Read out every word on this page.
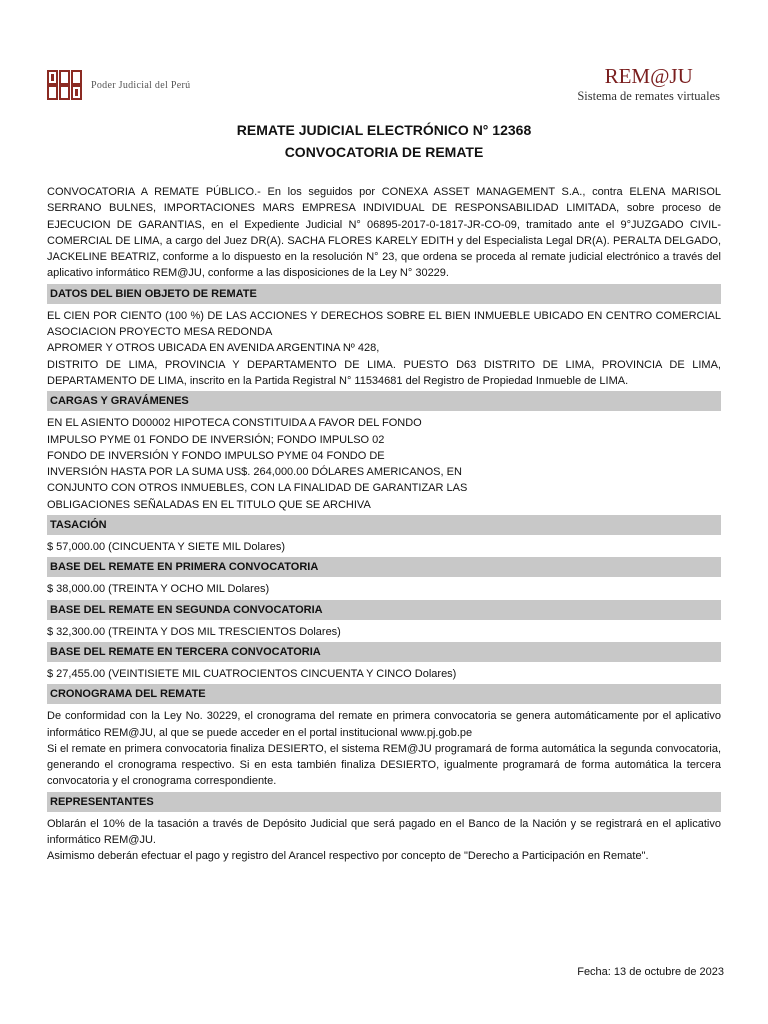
Poder Judicial del Perú	REM@JU
Sistema de remates virtuales
REMATE JUDICIAL ELECTRÓNICO N° 12368
CONVOCATORIA DE REMATE

CONVOCATORIA A REMATE PÚBLICO.- En los seguidos por CONEXA ASSET MANAGEMENT S.A., contra ELENA MARISOL SERRANO BULNES, IMPORTACIONES MARS EMPRESA INDIVIDUAL DE RESPONSABILIDAD LIMITADA, sobre proceso de EJECUCION DE GARANTIAS, en el Expediente Judicial N° 06895-2017-0-1817-JR-CO-09, tramitado ante el 9°JUZGADO CIVIL-COMERCIAL DE LIMA, a cargo del Juez DR(A). SACHA FLORES KARELY EDITH y del Especialista Legal DR(A). PERALTA DELGADO, JACKELINE BEATRIZ, conforme a lo dispuesto en la resolución N° 23, que ordena se proceda al remate judicial electrónico a través del aplicativo informático REM@JU, conforme a las disposiciones de la Ley N° 30229.

DATOS DEL BIEN OBJETO DE REMATE

EL CIEN POR CIENTO (100 %) DE LAS ACCIONES Y DERECHOS SOBRE EL BIEN INMUEBLE UBICADO EN CENTRO COMERCIAL ASOCIACION PROYECTO MESA REDONDA

APROMER Y OTROS UBICADA EN AVENIDA ARGENTINA Nº 428,

DISTRITO DE LIMA, PROVINCIA Y DEPARTAMENTO DE LIMA. PUESTO D63 DISTRITO DE LIMA, PROVINCIA DE LIMA, DEPARTAMENTO DE LIMA, inscrito en la Partida Registral N° 11534681 del Registro de Propiedad Inmueble de LIMA.

CARGAS Y GRAVÁMENES
EN EL ASIENTO D00002 HIPOTECA CONSTITUIDA A FAVOR DEL FONDO
IMPULSO PYME 01 FONDO DE INVERSIÓN; FONDO IMPULSO 02
FONDO DE INVERSIÓN Y FONDO IMPULSO PYME 04 FONDO DE
INVERSIÓN HASTA POR LA SUMA US$. 264,000.00 DÓLARES AMERICANOS, EN
CONJUNTO CON OTROS INMUEBLES, CON LA FINALIDAD DE GARANTIZAR LAS
OBLIGACIONES SEÑALADAS EN EL TITULO QUE SE ARCHIVA
TASACIÓN
$ 57,000.00 (CINCUENTA Y SIETE MIL Dolares)
BASE DEL REMATE EN PRIMERA CONVOCATORIA
$ 38,000.00 (TREINTA Y OCHO MIL Dolares)
BASE DEL REMATE EN SEGUNDA CONVOCATORIA
$ 32,300.00 (TREINTA Y DOS MIL TRESCIENTOS Dolares)
BASE DEL REMATE EN TERCERA CONVOCATORIA
$ 27,455.00 (VEINTISIETE MIL CUATROCIENTOS CINCUENTA Y CINCO Dolares)
CRONOGRAMA DEL REMATE

De conformidad con la Ley No. 30229, el cronograma del remate en primera convocatoria se genera automáticamente por el aplicativo informático REM@JU, al que se puede acceder en el portal institucional www.pj.gob.pe

Si el remate en primera convocatoria finaliza DESIERTO, el sistema REM@JU programará de forma automática la segunda convocatoria, generando el cronograma respectivo. Si en esta también finaliza DESIERTO, igualmente programará de forma automática la tercera convocatoria y el cronograma correspondiente.

REPRESENTANTES

Oblarán el 10% de la tasación a través de Depósito Judicial que será pagado en el Banco de la Nación y se registrará en el aplicativo informático REM@JU.

Asimismo deberán efectuar el pago y registro del Arancel respectivo por concepto de "Derecho a Participación en Remate".

Fecha: 13 de octubre de 2023
